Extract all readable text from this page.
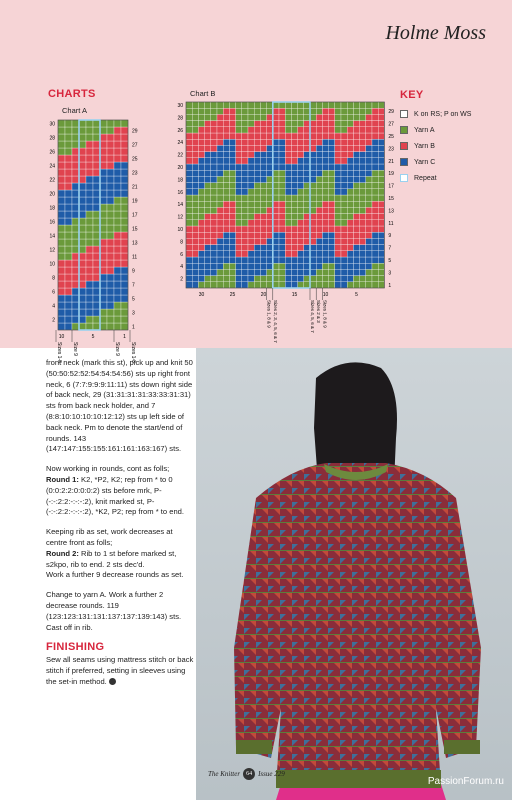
Holme Moss
CHARTS
Chart A
30
28
26
24
22
20
18
16
14
12
10
8
6
4
2
29
27
25
23
21
19
17
15
13
11
9
7
5
3
1
10	5	1
Sizes 1-8 Size 9	Size 9 Sizes 1-8
Chart B
30
28
26
24
22
20
18
16
14
12
10
8
6
4
2
29
27
25
23
21
19
17
15
13
11
9
7
5
3
1
30	25	20	15	10	5
Sizes 1, 8 & 9 Sizes 2, 3, 4, 5, 6 & 7	Sizes 4, 5, 6 & 7 Sizes 2 & 3 Sizes 1, 8 & 9
KEY
K on RS; P on WS
Yarn A
Yarn B
Yarn C
Repeat

front neck (mark this st), pick up and knit 50 (50:50:52:52:54:54:54:56) sts up right front neck, 6 (7:7:9:9:9:11:11) sts down right side of back neck, 29 (31:31:31:31:33:33:31:31) sts from back neck holder, and 7 (8:8:10:10:10:10:12:12) sts up left side of back neck. Pm to denote the start/end of rounds. 143 (147:147:155:155:161:161:163:167) sts.

Now working in rounds, cont as folls;
Round 1: K2, *P2, K2; rep from * to 0 (0:0:2:2:0:0:0:2) sts before mrk, P- (-:-:2:2:-:-:-:2), knit marked st, P- (-:-:2:2:-:-:-:2), *K2, P2; rep from * to end.

Keeping rib as set, work decreases at centre front as folls;
Round 2: Rib to 1 st before marked st, s2kpo, rib to end. 2 sts dec'd.
Work a further 9 decrease rounds as set.

Change to yarn A. Work a further 2 decrease rounds. 119 (123:123:131:131:137:137:139:143) sts. Cast off in rib.

FINISHING

Sew all seams using mattress stitch or back stitch if preferred, setting in sleeves using the set-in method.

The Knitter	64 Issue 229
PassionForum.ru
